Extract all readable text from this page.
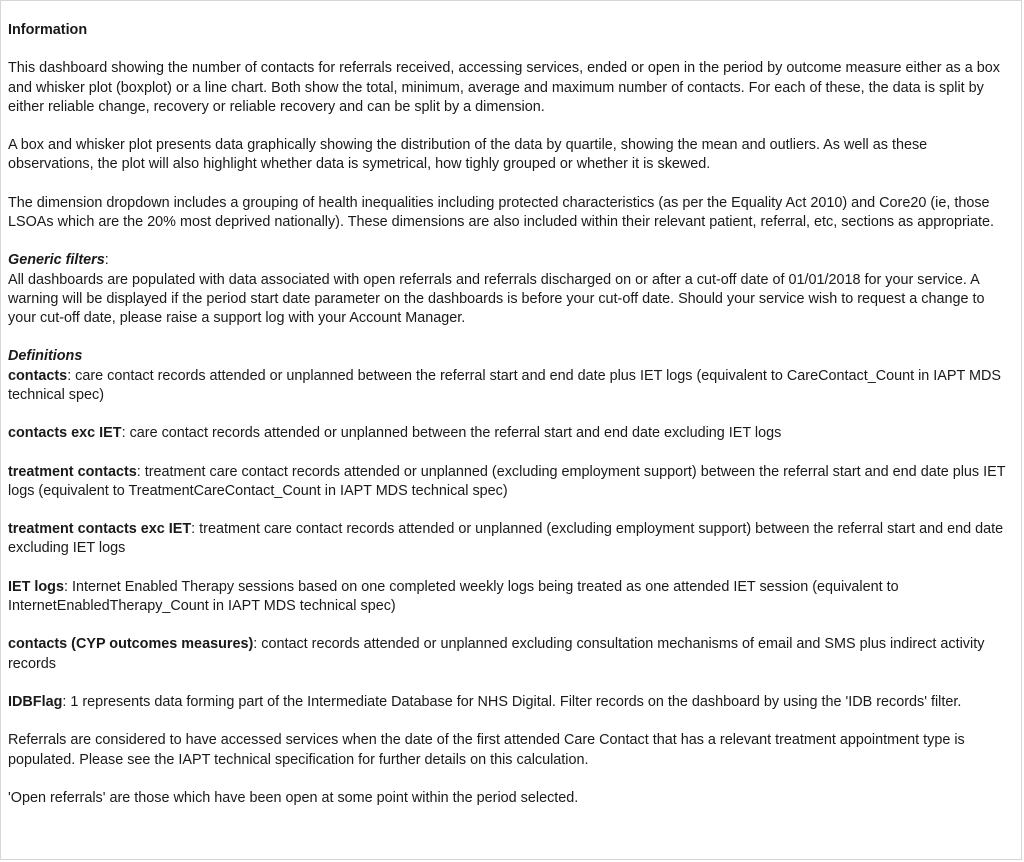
Information

This dashboard showing the number of contacts for referrals received, accessing services, ended or open in the period by outcome measure either as a box and whisker plot (boxplot) or a line chart. Both show the total, minimum, average and maximum number of contacts. For each of these, the data is split by either reliable change, recovery or reliable recovery and can be split by a dimension.

A box and whisker plot presents data graphically showing the distribution of the data by quartile, showing the mean and outliers. As well as these observations, the plot will also highlight whether data is symetrical, how tighly grouped or whether it is skewed.

The dimension dropdown includes a grouping of health inequalities including protected characteristics (as per the Equality Act 2010) and Core20 (ie, those LSOAs which are the 20% most deprived nationally). These dimensions are also included within their relevant patient, referral, etc, sections as appropriate.

Generic filters:

All dashboards are populated with data associated with open referrals and referrals discharged on or after a cut-off date of 01/01/2018 for your service. A warning will be displayed if the period start date parameter on the dashboards is before your cut-off date. Should your service wish to request a change to your cut-off date, please raise a support log with your Account Manager.

Definitions

contacts: care contact records attended or unplanned between the referral start and end date plus IET logs (equivalent to CareContact_Count in IAPT MDS technical spec)

contacts exc IET: care contact records attended or unplanned between the referral start and end date excluding IET logs

treatment contacts: treatment care contact records attended or unplanned (excluding employment support) between the referral start and end date plus IET logs (equivalent to TreatmentCareContact_Count in IAPT MDS technical spec)

treatment contacts exc IET: treatment care contact records attended or unplanned (excluding employment support) between the referral start and end date excluding IET logs

IET logs: Internet Enabled Therapy sessions based on one completed weekly logs being treated as one attended IET session (equivalent to InternetEnabledTherapy_Count in IAPT MDS technical spec)

contacts (CYP outcomes measures): contact records attended or unplanned excluding consultation mechanisms of email and SMS plus indirect activity records

IDBFlag: 1 represents data forming part of the Intermediate Database for NHS Digital. Filter records on the dashboard by using the 'IDB records' filter.

Referrals are considered to have accessed services when the date of the first attended Care Contact that has a relevant treatment appointment type is populated. Please see the IAPT technical specification for further details on this calculation.

'Open referrals' are those which have been open at some point within the period selected.
